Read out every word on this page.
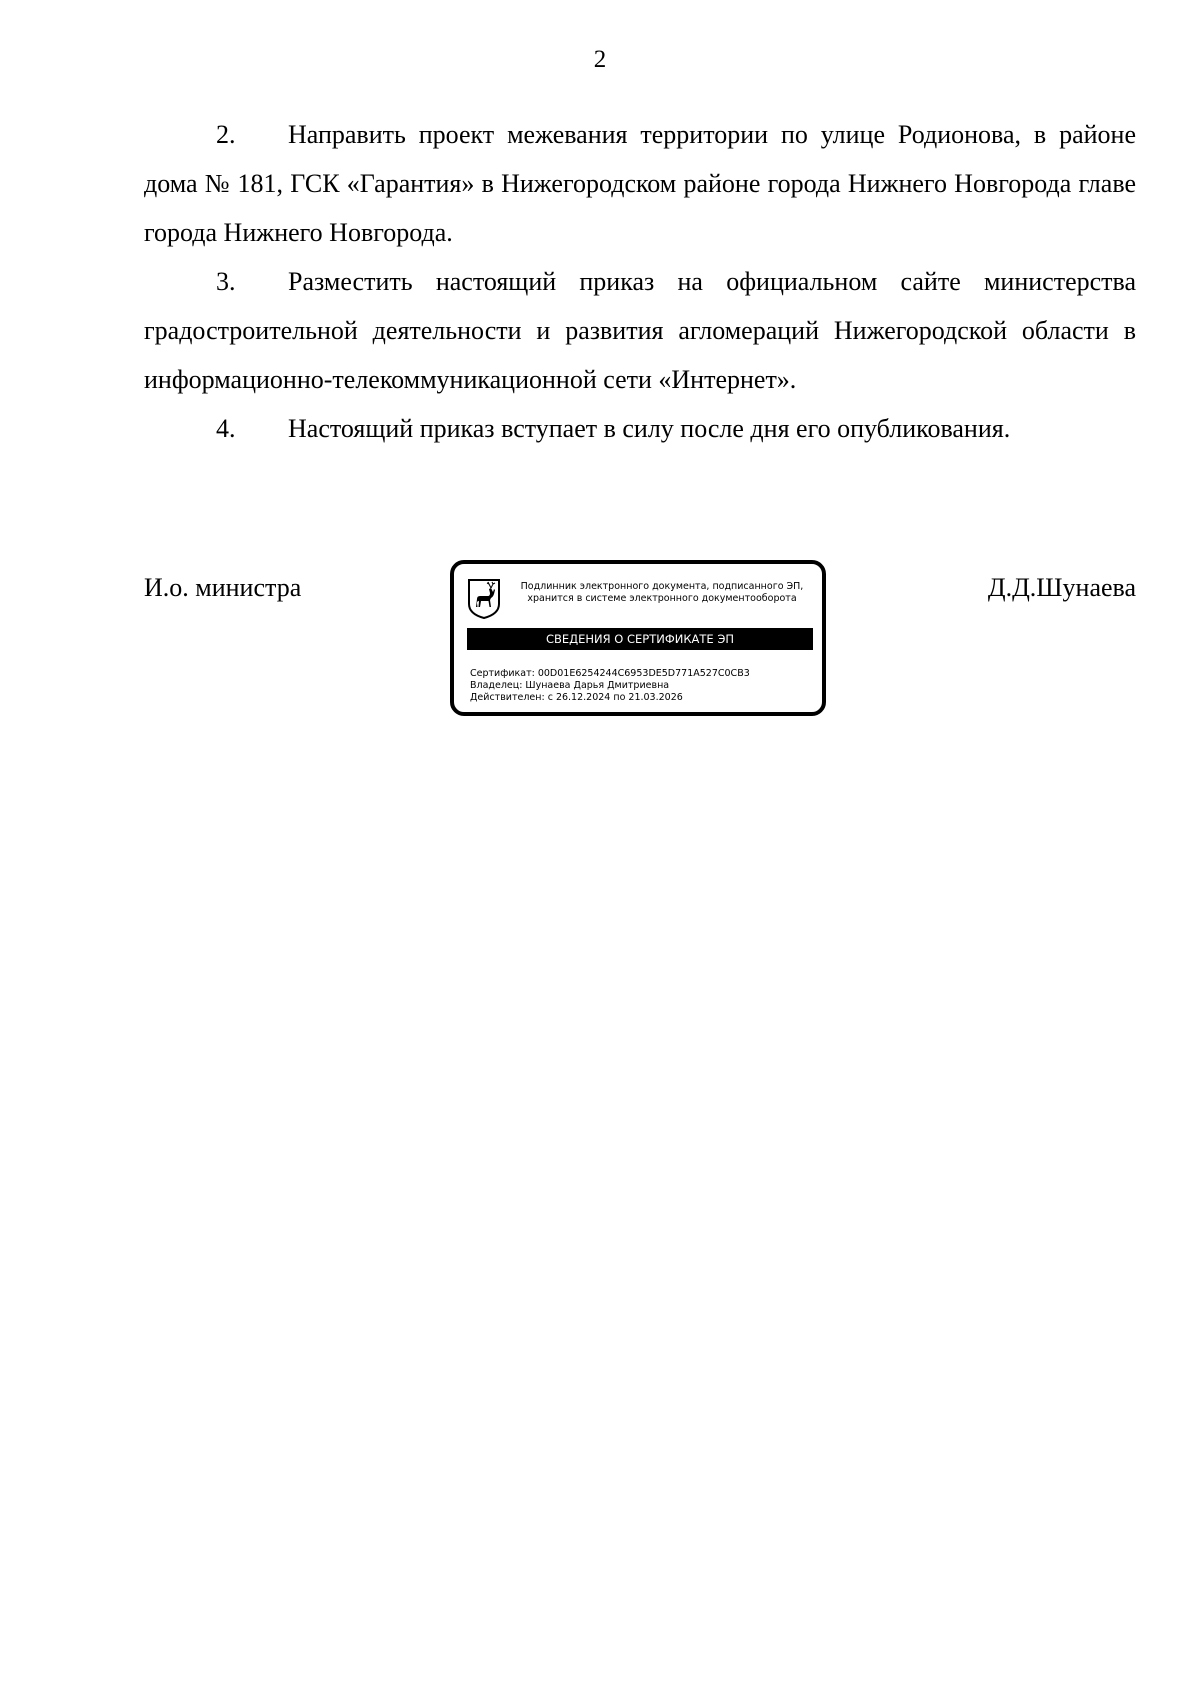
2

2. Направить проект межевания территории по улице Родионова, в районе дома № 181, ГСК «Гарантия» в Нижегородском районе города Нижнего Новгорода главе города Нижнего Новгорода.

3. Разместить настоящий приказ на официальном сайте министерства градостроительной деятельности и развития агломераций Нижегородской области в информационно-телекоммуникационной сети «Интернет».

4. Настоящий приказ вступает в силу после дня его опубликования.

И.о. министра	Подлинник электронного документа, подписанного ЭП,
хранится в системе электронного документооборота
СВЕДЕНИЯ О СЕРТИФИКАТЕ ЭП
Сертификат: 00D01E6254244C6953DE5D771A527C0CB3
Владелец: Шунаева Дарья Дмитриевна
Действителен: с 26.12.2024 по 21.03.2026
Д.Д.Шунаева
